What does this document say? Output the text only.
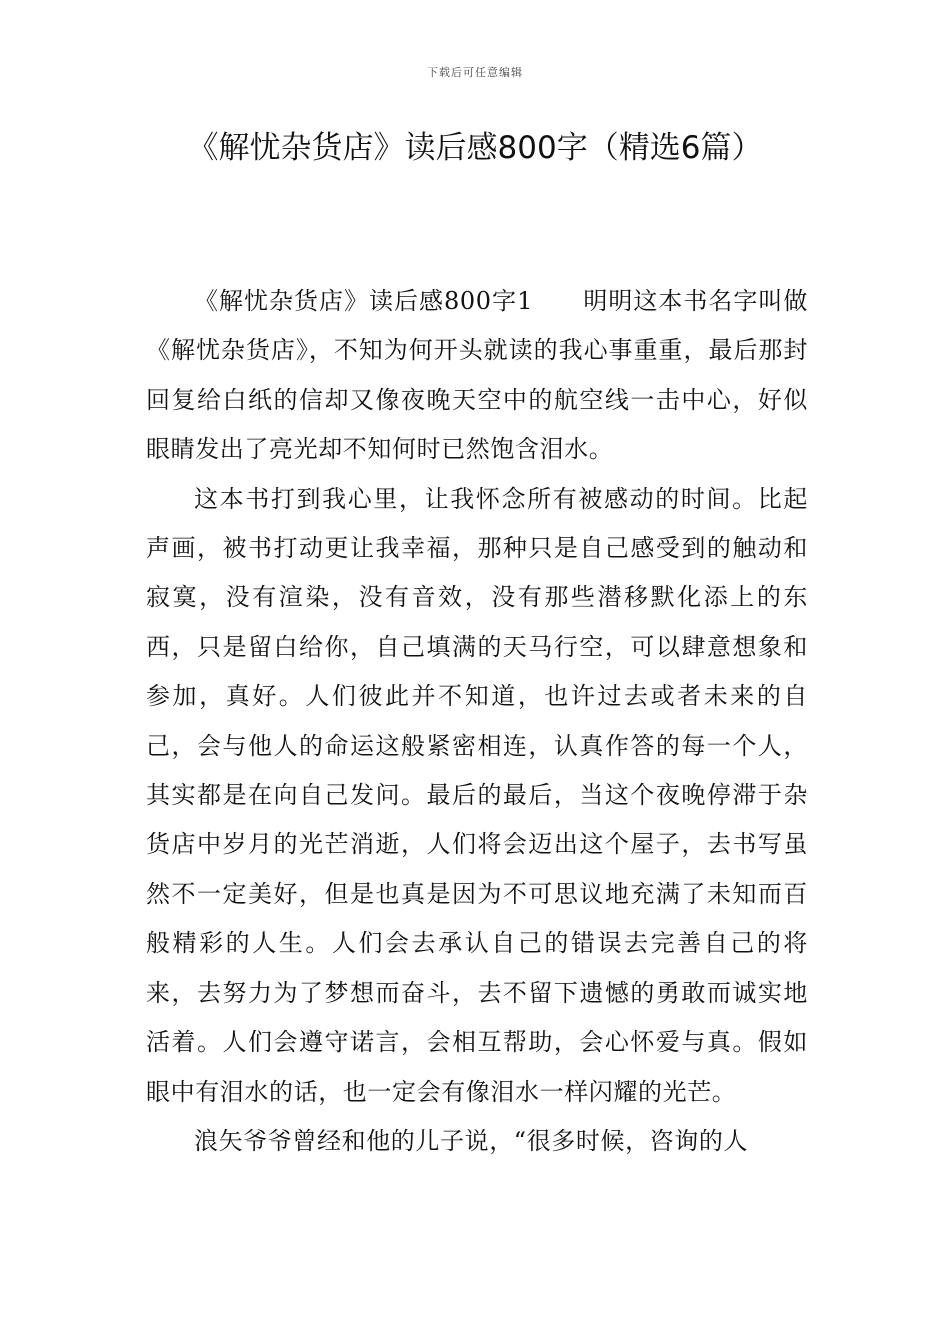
下载后可任意编辑
《解忧杂货店》读后感800字（精选6篇）

《解忧杂货店》读后感800字1　　明明这本书名字叫做《解忧杂货店》，不知为何开头就读的我心事重重，最后那封回复给白纸的信却又像夜晚天空中的航空线一击中心，好似眼睛发出了亮光却不知何时已然饱含泪水。

这本书打到我心里，让我怀念所有被感动的时间。比起声画，被书打动更让我幸福，那种只是自己感受到的触动和寂寞，没有渲染，没有音效，没有那些潜移默化添上的东西，只是留白给你，自己填满的天马行空，可以肆意想象和参加，真好。人们彼此并不知道，也许过去或者未来的自己，会与他人的命运这般紧密相连，认真作答的每一个人，其实都是在向自己发问。最后的最后，当这个夜晚停滞于杂货店中岁月的光芒消逝，人们将会迈出这个屋子，去书写虽然不一定美好，但是也真是因为不可思议地充满了未知而百般精彩的人生。人们会去承认自己的错误去完善自己的将来，去努力为了梦想而奋斗，去不留下遗憾的勇敢而诚实地活着。人们会遵守诺言，会相互帮助，会心怀爱与真。假如眼中有泪水的话，也一定会有像泪水一样闪耀的光芒。

浪矢爷爷曾经和他的儿子说，“很多时候，咨询的人
